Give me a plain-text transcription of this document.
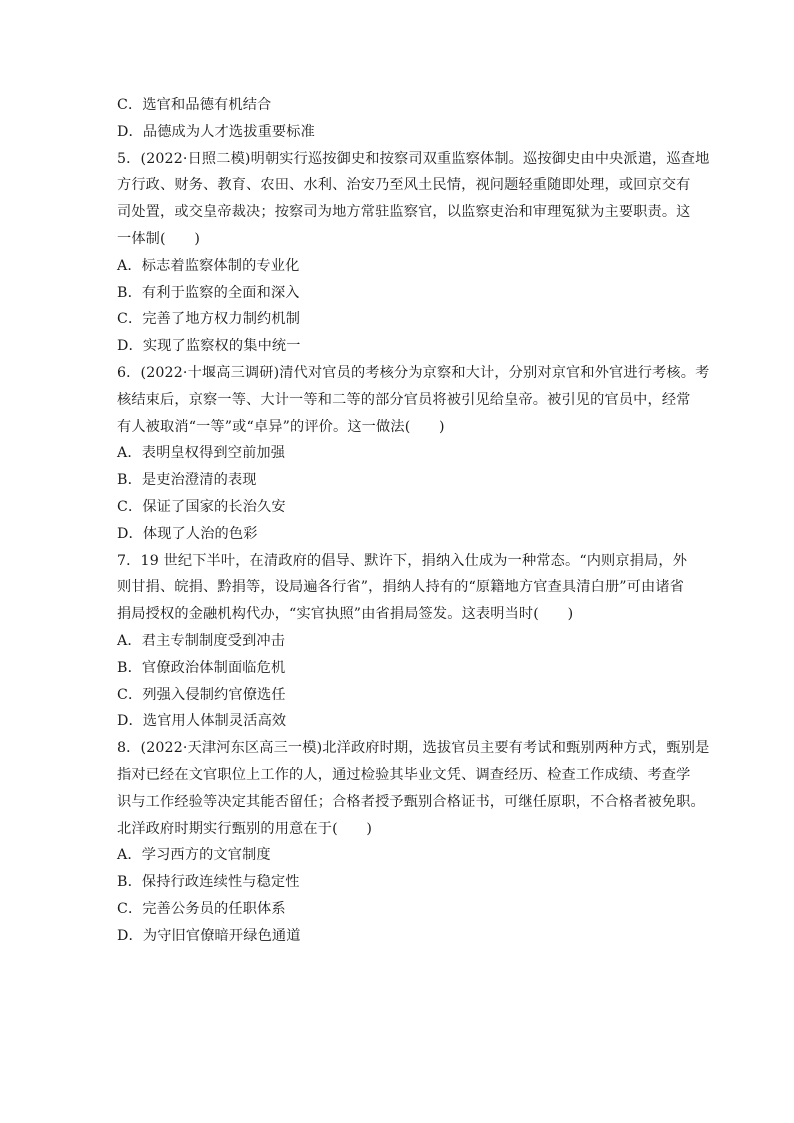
C．选官和品德有机结合
D．品德成为人才选拔重要标准
5．(2022·日照二模)明朝实行巡按御史和按察司双重监察体制。巡按御史由中央派遣，巡查地
方行政、财务、教育、农田、水利、治安乃至风土民情，视问题轻重随即处理，或回京交有
司处置，或交皇帝裁决；按察司为地方常驻监察官，以监察吏治和审理冤狱为主要职责。这
一体制(　　)
A．标志着监察体制的专业化
B．有利于监察的全面和深入
C．完善了地方权力制约机制
D．实现了监察权的集中统一
6．(2022·十堰高三调研)清代对官员的考核分为京察和大计，分别对京官和外官进行考核。考
核结束后，京察一等、大计一等和二等的部分官员将被引见给皇帝。被引见的官员中，经常
有人被取消“一等”或“卓异”的评价。这一做法(　　)
A．表明皇权得到空前加强
B．是吏治澄清的表现
C．保证了国家的长治久安
D．体现了人治的色彩
7．19 世纪下半叶，在清政府的倡导、默许下，捐纳入仕成为一种常态。“内则京捐局，外
则甘捐、皖捐、黔捐等，设局遍各行省”，捐纳人持有的“原籍地方官查具清白册”可由诸省
捐局授权的金融机构代办，“实官执照”由省捐局签发。这表明当时(　　)
A．君主专制制度受到冲击
B．官僚政治体制面临危机
C．列强入侵制约官僚选任
D．选官用人体制灵活高效
8．(2022·天津河东区高三一模)北洋政府时期，选拔官员主要有考试和甄别两种方式，甄别是
指对已经在文官职位上工作的人，通过检验其毕业文凭、调查经历、检查工作成绩、考查学
识与工作经验等决定其能否留任；合格者授予甄别合格证书，可继任原职，不合格者被免职。
北洋政府时期实行甄别的用意在于(　　)
A．学习西方的文官制度
B．保持行政连续性与稳定性
C．完善公务员的任职体系
D．为守旧官僚暗开绿色通道
